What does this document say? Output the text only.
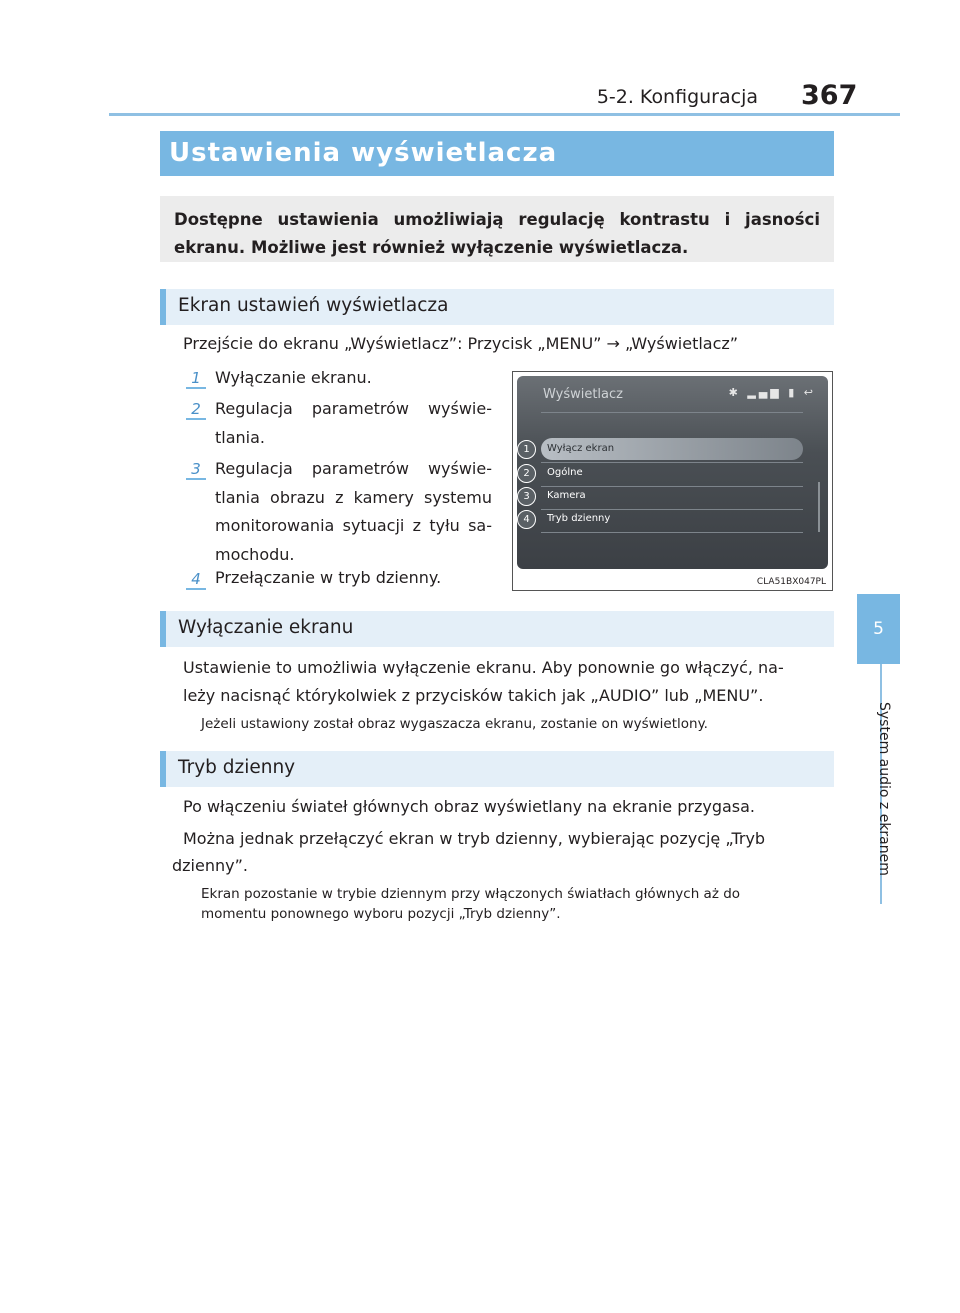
5-2. Konfiguracja 367
5
System audio z ekranem
Ustawienia wyświetlacza

Dostępne ustawienia umożliwiają regulację kontrastu i jasności ekranu. Możliwe jest również wyłączenie wyświetlacza.

Ekran ustawień wyświetlacza

Przejście do ekranu „Wyświetlacz”: Przycisk „MENU” → „Wyświetlacz”

1 Wyłączanie ekranu.
2 Regulacja parametrów wyświe- tlania.
3 Regulacja parametrów wyświe- tlania obrazu z kamery systemu monitorowania sytuacji z tyłu sa- mochodu.
4 Przełączanie w tryb dzienny.
Wyświetlacz	✱ ▂▄▆ ▮ ↩
1	Wyłącz ekran
2	Ogólne
3	Kamera
4	Tryb dzienny
CLA51BX047PL
Wyłączanie ekranu

Ustawienie to umożliwia wyłączenie ekranu. Aby ponownie go włączyć, na-

leży nacisnąć którykolwiek z przycisków takich jak „AUDIO” lub „MENU”.

Jeżeli ustawiony został obraz wygaszacza ekranu, zostanie on wyświetlony.

Tryb dzienny

Po włączeniu świateł głównych obraz wyświetlany na ekranie przygasa.

Można jednak przełączyć ekran w tryb dzienny, wybierając pozycję „Tryb

dzienny”.

Ekran pozostanie w trybie dziennym przy włączonych światłach głównych aż do

momentu ponownego wyboru pozycji „Tryb dzienny”.
